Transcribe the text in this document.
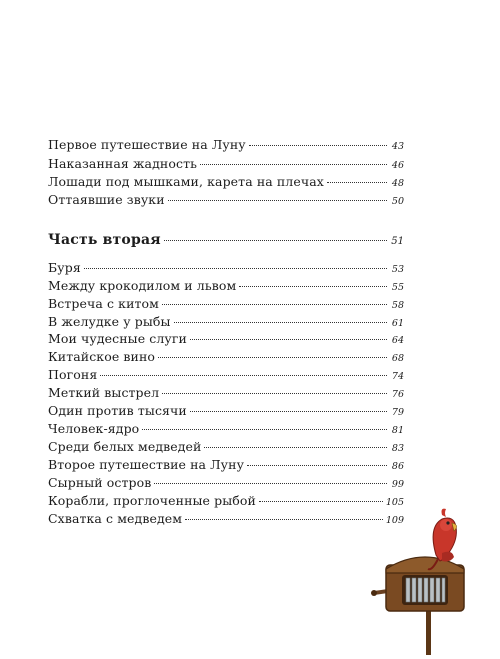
Первое путешествие на Луну	43
Наказанная жадность	46
Лошади под мышками, карета на плечах	48
Оттаявшие звуки	50
Часть вторая	51
Буря	53
Между крокодилом и львом	55
Встреча с китом	58
В желудке у рыбы	61
Мои чудесные слуги	64
Китайское вино	68
Погоня	74
Меткий выстрел	76
Один против тысячи	79
Человек-ядро	81
Среди белых медведей	83
Второе путешествие на Луну	86
Сырный остров	99
Корабли, проглоченные рыбой	105
Схватка с медведем	109
